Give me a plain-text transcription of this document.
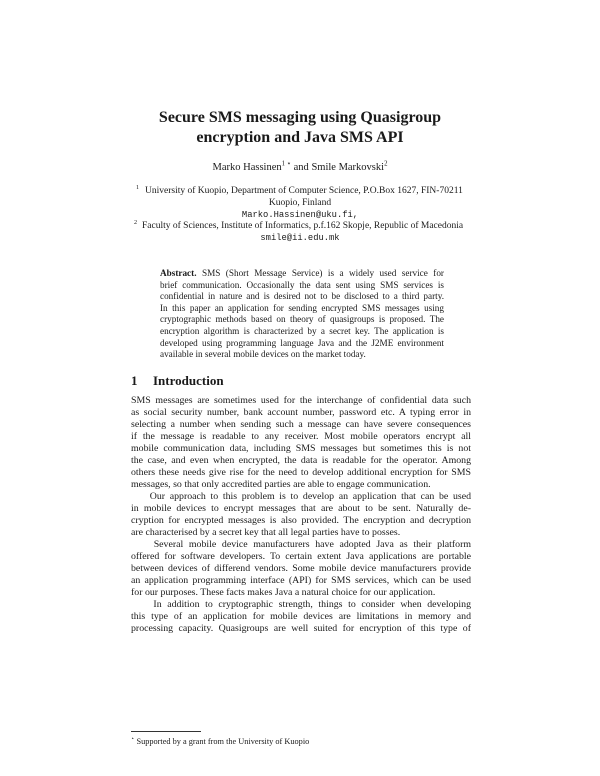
Secure SMS messaging using Quasigroup
encryption and Java SMS API
Marko Hassinen$^{1 ⋆}$ and Smile Markovski$^2$
$^1$ University of Kuopio, Department of Computer Science, P.O.Box 1627, FIN-70211
Kuopio, Finland
Marko.Hassinen@uku.fi,
$^2$ Faculty of Sciences, Institute of Informatics, p.f.162 Skopje, Republic of Macedonia
smile@ii.edu.mk
Abstract. SMS (Short Message Service) is a widely used service for
brief communication. Occasionally the data sent using SMS services is
confidential in nature and is desired not to be disclosed to a third party.
In this paper an application for sending encrypted SMS messages using
cryptographic methods based on theory of quasigroups is proposed. The
encryption algorithm is characterized by a secret key. The application is
developed using programming language Java and the J2ME environment
available in several mobile devices on the market today.
1 Introduction
SMS messages are sometimes used for the interchange of confidential data such
as social security number, bank account number, password etc. A typing error in
selecting a number when sending such a message can have severe consequences
if the message is readable to any receiver. Most mobile operators encrypt all
mobile communication data, including SMS messages but sometimes this is not
the case, and even when encrypted, the data is readable for the operator. Among
others these needs give rise for the need to develop additional encryption for SMS
messages, so that only accredited parties are able to engage communication.
Our approach to this problem is to develop an application that can be used
in mobile devices to encrypt messages that are about to be sent. Naturally de-
cryption for encrypted messages is also provided. The encryption and decryption
are characterised by a secret key that all legal parties have to posses.
Several mobile device manufacturers have adopted Java as their platform
offered for software developers. To certain extent Java applications are portable
between devices of differend vendors. Some mobile device manufacturers provide
an application programming interface (API) for SMS services, which can be used
for our purposes. These facts makes Java a natural choice for our application.
In addition to cryptographic strength, things to consider when developing
this type of an application for mobile devices are limitations in memory and
processing capacity. Quasigroups are well suited for encryption of this type of
⋆ Supported by a grant from the University of Kuopio
